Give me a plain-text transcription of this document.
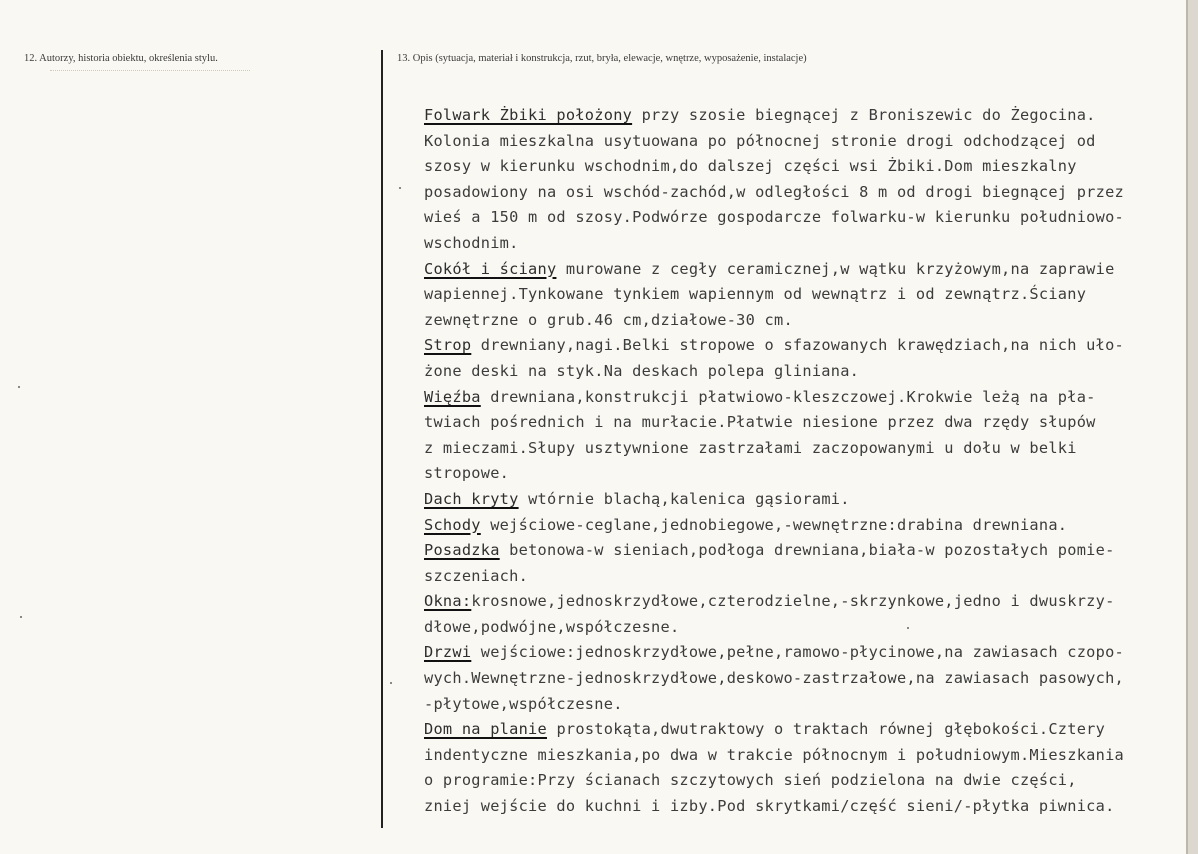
12. Autorzy, historia obiektu, określenia stylu.	13. Opis (sytuacja, materiał i konstrukcja, rzut, bryła, elewacje, wnętrze, wyposażenie, instalacje)
Folwark Żbiki położony przy szosie biegnącej z Broniszewic do Żegocina.
Kolonia mieszkalna usytuowana po północnej stronie drogi odchodzącej od
szosy w kierunku wschodnim,do dalszej części wsi Żbiki.Dom mieszkalny
posadowiony na osi wschód-zachód,w odległości 8 m od drogi biegnącej przez
wieś a 150 m od szosy.Podwórze gospodarcze folwarku-w kierunku południowo-
wschodnim.
Cokół i ściany murowane z cegły ceramicznej,w wątku krzyżowym,na zaprawie
wapiennej.Tynkowane tynkiem wapiennym od wewnątrz i od zewnątrz.Ściany
zewnętrzne o grub.46 cm,działowe-30 cm.
Strop drewniany,nagi.Belki stropowe o sfazowanych krawędziach,na nich uło-
żone deski na styk.Na deskach polepa gliniana.
Więźba drewniana,konstrukcji płatwiowo-kleszczowej.Krokwie leżą na pła-
twiach pośrednich i na murłacie.Płatwie niesione przez dwa rzędy słupów
z mieczami.Słupy usztywnione zastrzałami zaczopowanymi u dołu w belki
stropowe.
Dach kryty wtórnie blachą,kalenica gąsiorami.
Schody wejściowe-ceglane,jednobiegowe,-wewnętrzne:drabina drewniana.
Posadzka betonowa-w sieniach,podłoga drewniana,biała-w pozostałych pomie-
szczeniach.
Okna:krosnowe,jednoskrzydłowe,czterodzielne,-skrzynkowe,jedno i dwuskrzy-
dłowe,podwójne,współczesne.
Drzwi wejściowe:jednoskrzydłowe,pełne,ramowo-płycinowe,na zawiasach czopo-
wych.Wewnętrzne-jednoskrzydłowe,deskowo-zastrzałowe,na zawiasach pasowych,
-płytowe,współczesne.
Dom na planie prostokąta,dwutraktowy o traktach równej głębokości.Cztery
indentyczne mieszkania,po dwa w trakcie północnym i południowym.Mieszkania
o programie:Przy ścianach szczytowych sień podzielona na dwie części,
zniej wejście do kuchni i izby.Pod skrytkami/część sieni/-płytka piwnica.
